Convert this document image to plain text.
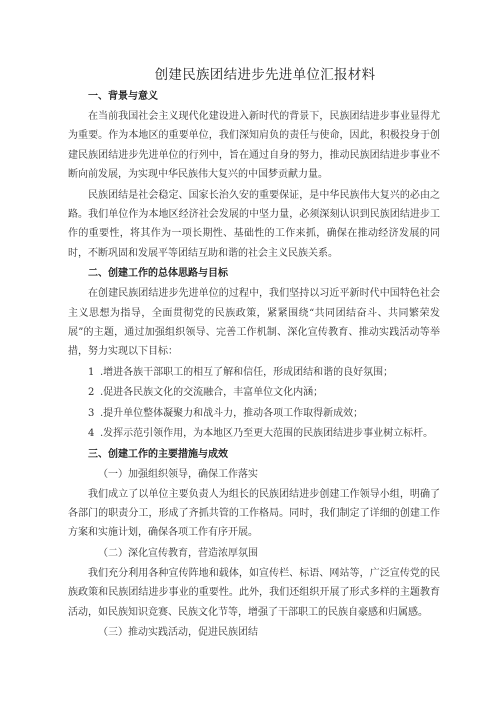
创建民族团结进步先进单位汇报材料
一、背景与意义

在当前我国社会主义现代化建设进入新时代的背景下，民族团结进步事业显得尤为重要。作为本地区的重要单位，我们深知肩负的责任与使命，因此，积极投身于创建民族团结进步先进单位的行列中，旨在通过自身的努力，推动民族团结进步事业不断向前发展，为实现中华民族伟大复兴的中国梦贡献力量。

民族团结是社会稳定、国家长治久安的重要保证，是中华民族伟大复兴的必由之路。我们单位作为本地区经济社会发展的中坚力量，必须深刻认识到民族团结进步工作的重要性，将其作为一项长期性、基础性的工作来抓，确保在推动经济发展的同时，不断巩固和发展平等团结互助和谐的社会主义民族关系。

二、创建工作的总体思路与目标

在创建民族团结进步先进单位的过程中，我们坚持以习近平新时代中国特色社会主义思想为指导，全面贯彻党的民族政策，紧紧围绕“共同团结奋斗、共同繁荣发展”的主题，通过加强组织领导、完善工作机制、深化宣传教育、推动实践活动等举措，努力实现以下目标：

1 .增进各族干部职工的相互了解和信任，形成团结和谐的良好氛围；
2 .促进各民族文化的交流融合，丰富单位文化内涵；
3 .提升单位整体凝聚力和战斗力，推动各项工作取得新成效；
4 .发挥示范引领作用，为本地区乃至更大范围的民族团结进步事业树立标杆。
三、创建工作的主要措施与成效
（一）加强组织领导，确保工作落实

我们成立了以单位主要负责人为组长的民族团结进步创建工作领导小组，明确了各部门的职责分工，形成了齐抓共管的工作格局。同时，我们制定了详细的创建工作方案和实施计划，确保各项工作有序开展。

（二）深化宣传教育，营造浓厚氛围

我们充分利用各种宣传阵地和载体，如宣传栏、标语、网站等，广泛宣传党的民族政策和民族团结进步事业的重要性。此外，我们还组织开展了形式多样的主题教育活动，如民族知识竞赛、民族文化节等，增强了干部职工的民族自豪感和归属感。

（三）推动实践活动，促进民族团结
